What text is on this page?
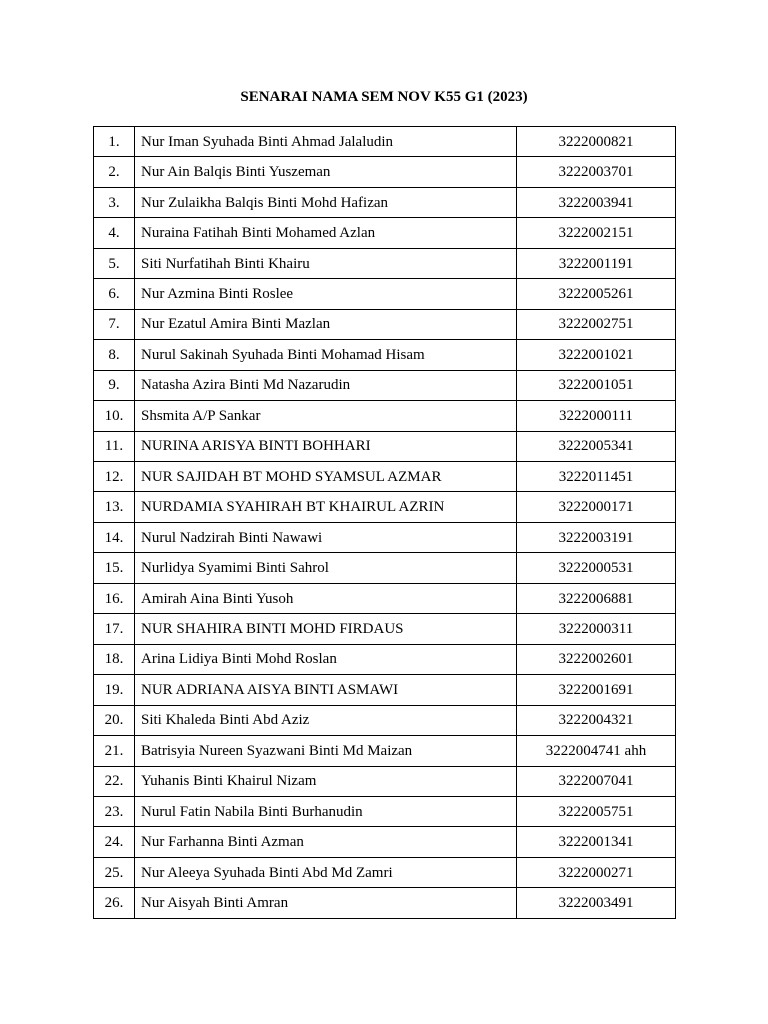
SENARAI NAMA SEM NOV K55 G1 (2023)
1.	Nur Iman Syuhada Binti Ahmad Jalaludin	3222000821
2.	Nur Ain Balqis Binti Yuszeman	3222003701
3.	Nur Zulaikha Balqis Binti Mohd Hafizan	3222003941
4.	Nuraina Fatihah Binti Mohamed Azlan	3222002151
5.	Siti Nurfatihah Binti Khairu	3222001191
6.	Nur Azmina Binti Roslee	3222005261
7.	Nur Ezatul Amira Binti Mazlan	3222002751
8.	Nurul Sakinah Syuhada Binti Mohamad Hisam	3222001021
9.	Natasha Azira Binti Md Nazarudin	3222001051
10.	Shsmita A/P Sankar	3222000111
11.	NURINA ARISYA BINTI BOHHARI	3222005341
12.	NUR SAJIDAH BT MOHD SYAMSUL AZMAR	3222011451
13.	NURDAMIA SYAHIRAH BT KHAIRUL AZRIN	3222000171
14.	Nurul Nadzirah Binti Nawawi	3222003191
15.	Nurlidya Syamimi Binti Sahrol	3222000531
16.	Amirah Aina Binti Yusoh	3222006881
17.	NUR SHAHIRA BINTI MOHD FIRDAUS	3222000311
18.	Arina Lidiya Binti Mohd Roslan	3222002601
19.	NUR ADRIANA AISYA BINTI ASMAWI	3222001691
20.	Siti Khaleda Binti Abd Aziz	3222004321
21.	Batrisyia Nureen Syazwani Binti Md Maizan	3222004741 ahh
22.	Yuhanis Binti Khairul Nizam	3222007041
23.	Nurul Fatin Nabila Binti Burhanudin	3222005751
24.	Nur Farhanna Binti Azman	3222001341
25.	Nur Aleeya Syuhada Binti Abd Md Zamri	3222000271
26.	Nur Aisyah Binti Amran	3222003491
